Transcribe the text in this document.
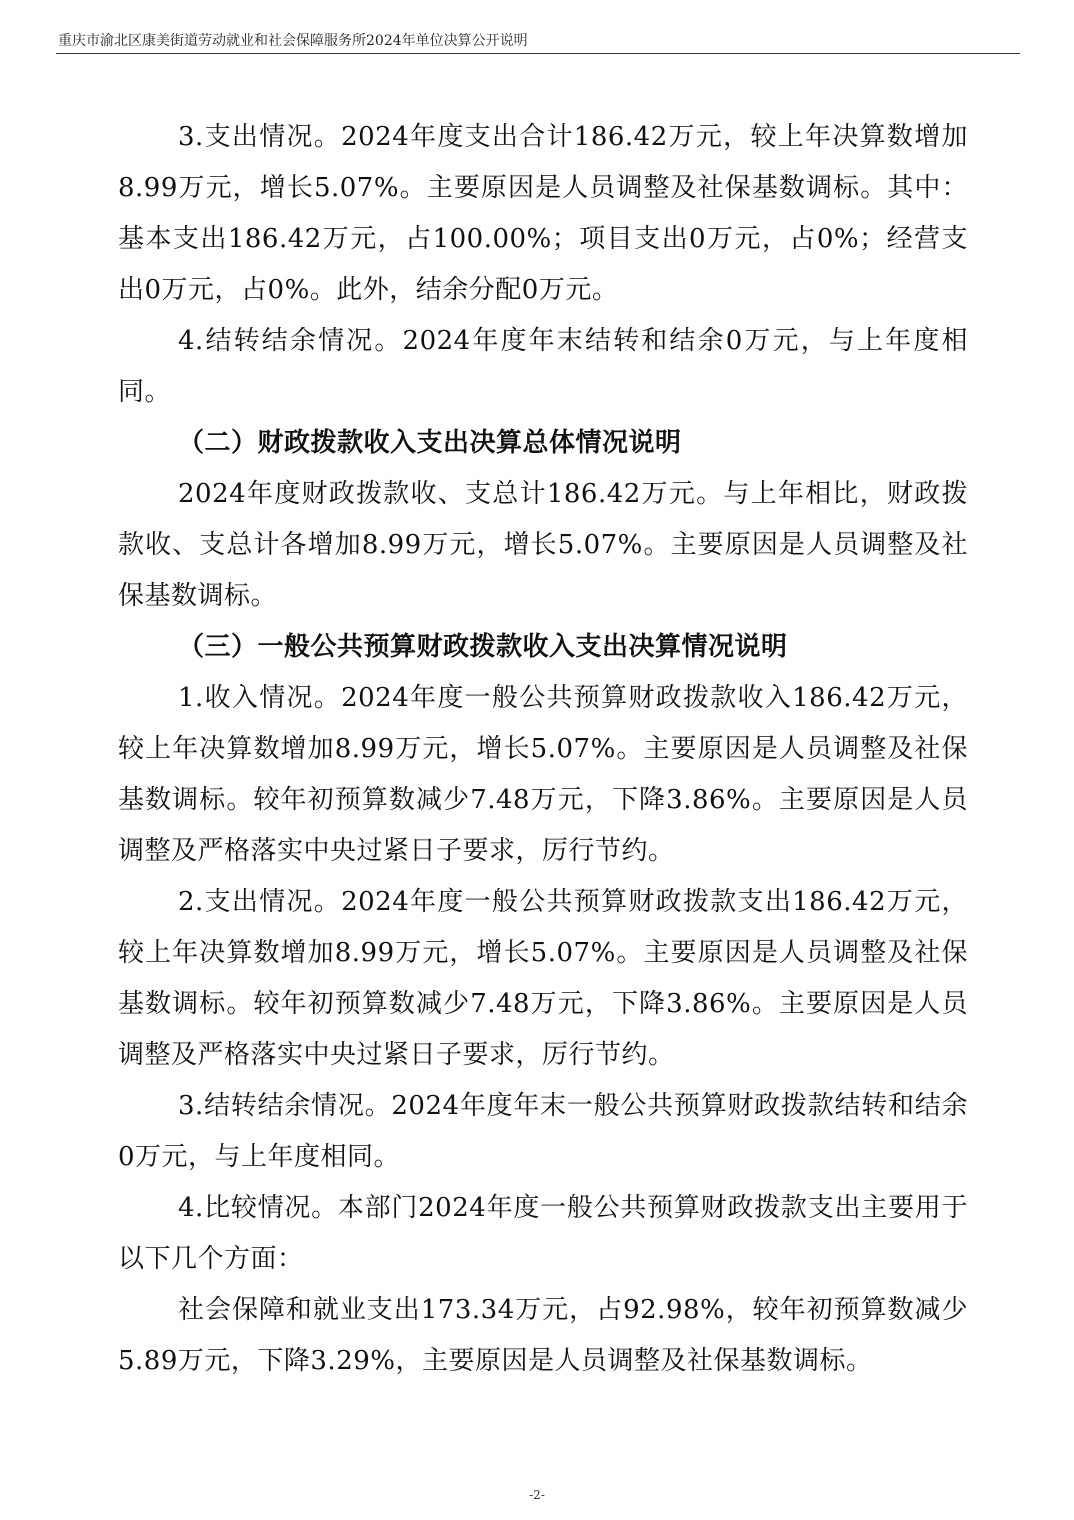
重庆市渝北区康美街道劳动就业和社会保障服务所2024年单位决算公开说明

3.支出情况。2024年度支出合计186.42万元，较上年决算数增加8.99万元，增长5.07%。主要原因是人员调整及社保基数调标。其中：基本支出186.42万元，占100.00%；项目支出0万元，占0%；经营支出0万元，占0%。此外，结余分配0万元。

4.结转结余情况。2024年度年末结转和结余0万元，与上年度相同。

（二）财政拨款收入支出决算总体情况说明

2024年度财政拨款收、支总计186.42万元。与上年相比，财政拨款收、支总计各增加8.99万元，增长5.07%。主要原因是人员调整及社保基数调标。

（三）一般公共预算财政拨款收入支出决算情况说明

1.收入情况。2024年度一般公共预算财政拨款收入186.42万元，较上年决算数增加8.99万元，增长5.07%。主要原因是人员调整及社保基数调标。较年初预算数减少7.48万元，下降3.86%。主要原因是人员调整及严格落实中央过紧日子要求，厉行节约。

2.支出情况。2024年度一般公共预算财政拨款支出186.42万元，较上年决算数增加8.99万元，增长5.07%。主要原因是人员调整及社保基数调标。较年初预算数减少7.48万元，下降3.86%。主要原因是人员调整及严格落实中央过紧日子要求，厉行节约。

3.结转结余情况。2024年度年末一般公共预算财政拨款结转和结余0万元，与上年度相同。

4.比较情况。本部门2024年度一般公共预算财政拨款支出主要用于以下几个方面：

社会保障和就业支出173.34万元，占92.98%，较年初预算数减少5.89万元，下降3.29%，主要原因是人员调整及社保基数调标。

-2-
